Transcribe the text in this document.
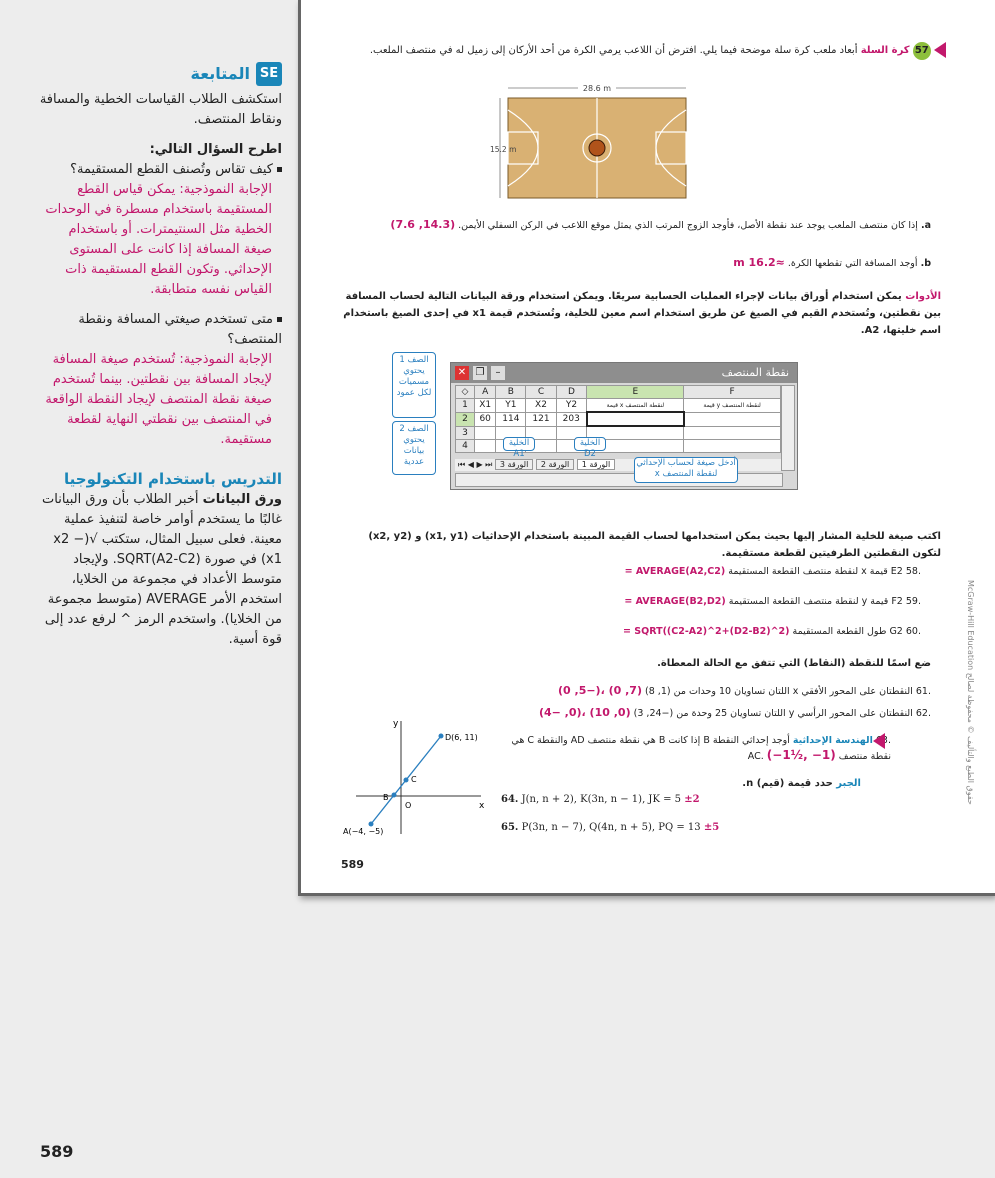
SE
المتابعة
استكشف الطلاب القياسات الخطية والمسافة ونقاط المنتصف.
اطرح السؤال التالي:
كيف تقاس وتُصنف القطع المستقيمة؟
الإجابة النموذجية: يمكن قياس القطع المستقيمة باستخدام مسطرة في الوحدات الخطية مثل السنتيمترات. أو باستخدام صيغة المسافة إذا كانت على المستوى الإحداثي. وتكون القطع المستقيمة ذات القياس نفسه متطابقة.
متى تستخدم صيغتي المسافة ونقطة المنتصف؟
الإجابة النموذجية: تُستخدم صيغة المسافة لإيجاد المسافة بين نقطتين. بينما تُستخدم صيغة نقطة المنتصف لإيجاد النقطة الواقعة في المنتصف بين نقطتي النهاية لقطعة مستقيمة.
التدريس باستخدام التكنولوجيا
ورق البيانات أخبر الطلاب بأن ورق البيانات غالبًا ما يستخدم أوامر خاصة لتنفيذ عملية معينة. فعلى سبيل المثال، ستكتب √(x2 − x1) في صورة SQRT(A2-C2). ولإيجاد متوسط الأعداد في مجموعة من الخلايا، استخدم الأمر AVERAGE (متوسط مجموعة من الخلايا). واستخدم الرمز ^ لرفع عدد إلى قوة أسية.
589
57 كرة السلة أبعاد ملعب كرة سلة موضحة فيما يلي. افترض أن اللاعب يرمي الكرة من أحد الأركان إلى زميل له في منتصف الملعب.
28.6 m
15.2 m
a. إذا كان منتصف الملعب يوجد عند نقطة الأصل، فأوجد الزوج المرتب الذي يمثل موقع اللاعب في الركن السفلي الأيمن. (14.3, 7.6)
b. أوجد المسافة التي تقطعها الكرة. ≈16.2 m
الأدوات يمكن استخدام أوراق بيانات لإجراء العمليات الحسابية سريعًا. ويمكن استخدام ورقة البيانات التالية لحساب المسافة بين نقطتين، وتُستخدم القيم في الصيغ عن طريق استخدام اسم معين للخلية، وتُستخدم قيمة x1 في إحدى الصيغ باستخدام اسم خليتها، A2.
نقطة المنتصف
✕ ❐	–
◇	A	B	C	D	E	F
1	X1	Y1	X2	Y2	قيمة x لنقطة المنتصف	قيمة y لنقطة المنتصف
2	60	114	121	203		
3						
4						
⏮ ◀ ▶ ⏭	الورقة 1 الورقة 2 الورقة 3
الصف 1 يحتوي مسميات لكل عمود
الصف 2 يحتوي بيانات عددية
الخلية A1
الخلية D2
أدخل صيغة لحساب الإحداثي x لنقطة المنتصف
اكتب صيغة للخلية المشار إليها بحيث يمكن استخدامها لحساب القيمة المبينة باستخدام الإحداثيات (x1, y1) و (x2, y2) لتكون النقطتين الطرفيتين لقطعة مستقيمة.
.58 E2 قيمة x لنقطة منتصف القطعة المستقيمة AVERAGE(A2,C2) =
.59 F2 قيمة y لنقطة منتصف القطعة المستقيمة AVERAGE(B2,D2) =
.60 G2 طول القطعة المستقيمة SQRT((C2-A2)^2+(D2-B2)^2) =
ضع اسمًا للنقطة (النقاط) التي تتفق مع الحالة المعطاة.
.61 النقطتان على المحور الأفقي x اللتان تساويان 10 وحدات من (1, 8) (7, 0) ،(−5, 0)
.62 النقطتان على المحور الرأسي y اللتان تساويان 25 وحدة من (−24, 3) (0, 10) ،(0, −4)
.63 الهندسة الإحداثية أوجد إحداثي النقطة B إذا كانت B هي نقطة منتصف AD والنقطة C هي نقطة منتصف AC. (−1½, −1)
الجبر حدد قيمة (قيم) n.
64. J(n, n + 2), K(3n, n − 1), JK = 5 ±2
65. P(3n, n − 7), Q(4n, n + 5), PQ = 13 ±5
y
x
O
A(−4, −5)
B
C
D(6, 11)
589
McGraw-Hill Education حقوق الطبع والتأليف © محفوظة لصالح
